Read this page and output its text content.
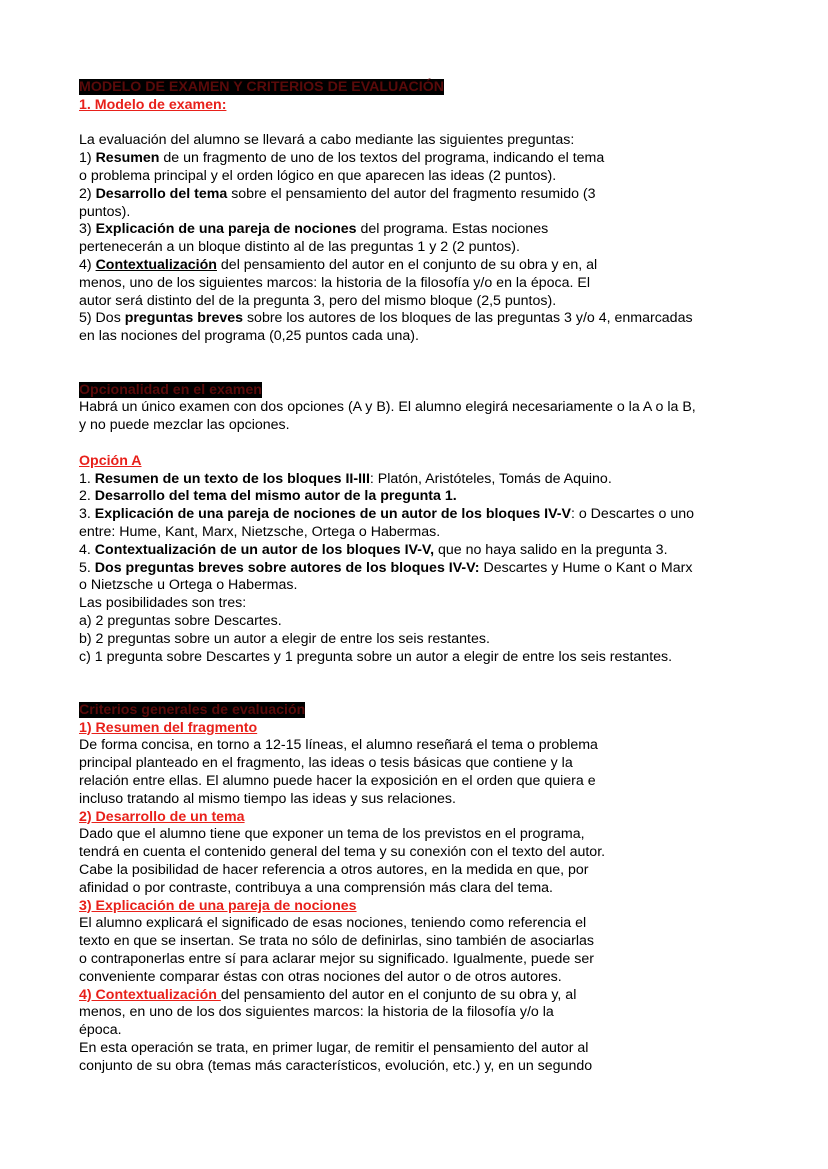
MODELO DE EXAMEN Y CRITERIOS DE EVALUACIÓN

1. Modelo de examen:

La evaluación del alumno se llevará a cabo mediante las siguientes preguntas:

1) Resumen de un fragmento de uno de los textos del programa, indicando el tema

o problema principal y el orden lógico en que aparecen las ideas (2 puntos).

2) Desarrollo del tema sobre el pensamiento del autor del fragmento resumido (3

puntos).

3) Explicación de una pareja de nociones del programa. Estas nociones

pertenecerán a un bloque distinto al de las preguntas 1 y 2 (2 puntos).

4) Contextualización del pensamiento del autor en el conjunto de su obra y en, al

menos, uno de los siguientes marcos: la historia de la filosofía y/o en la época. El

autor será distinto del de la pregunta 3, pero del mismo bloque (2,5 puntos).

5) Dos preguntas breves sobre los autores de los bloques de las preguntas 3 y/o 4, enmarcadas

en las nociones del programa (0,25 puntos cada una).

Opcionalidad en el examen

Habrá un único examen con dos opciones (A y B). El alumno elegirá necesariamente o la A o la B,

y no puede mezclar las opciones.

Opción A

1. Resumen de un texto de los bloques II-III: Platón, Aristóteles, Tomás de Aquino.

2. Desarrollo del tema del mismo autor de la pregunta 1.

3. Explicación de una pareja de nociones de un autor de los bloques IV-V: o Descartes o uno

entre: Hume, Kant, Marx, Nietzsche, Ortega o Habermas.

4. Contextualización de un autor de los bloques IV-V, que no haya salido en la pregunta 3.

5. Dos preguntas breves sobre autores de los bloques IV-V: Descartes y Hume o Kant o Marx

o Nietzsche u Ortega o Habermas.

Las posibilidades son tres:

a) 2 preguntas sobre Descartes.

b) 2 preguntas sobre un autor a elegir de entre los seis restantes.

c) 1 pregunta sobre Descartes y 1 pregunta sobre un autor a elegir de entre los seis restantes.

Criterios generales de evaluación

1) Resumen del fragmento

De forma concisa, en torno a 12-15 líneas, el alumno reseñará el tema o problema

principal planteado en el fragmento, las ideas o tesis básicas que contiene y la

relación entre ellas. El alumno puede hacer la exposición en el orden que quiera e

incluso tratando al mismo tiempo las ideas y sus relaciones.

2) Desarrollo de un tema

Dado que el alumno tiene que exponer un tema de los previstos en el programa,

tendrá en cuenta el contenido general del tema y su conexión con el texto del autor.

Cabe la posibilidad de hacer referencia a otros autores, en la medida en que, por

afinidad o por contraste, contribuya a una comprensión más clara del tema.

3) Explicación de una pareja de nociones

El alumno explicará el significado de esas nociones, teniendo como referencia el

texto en que se insertan. Se trata no sólo de definirlas, sino también de asociarlas

o contraponerlas entre sí para aclarar mejor su significado. Igualmente, puede ser

conveniente comparar éstas con otras nociones del autor o de otros autores.

4) Contextualización del pensamiento del autor en el conjunto de su obra y, al

menos, en uno de los dos siguientes marcos: la historia de la filosofía y/o la

época.

En esta operación se trata, en primer lugar, de remitir el pensamiento del autor al

conjunto de su obra (temas más característicos, evolución, etc.) y, en un segundo
